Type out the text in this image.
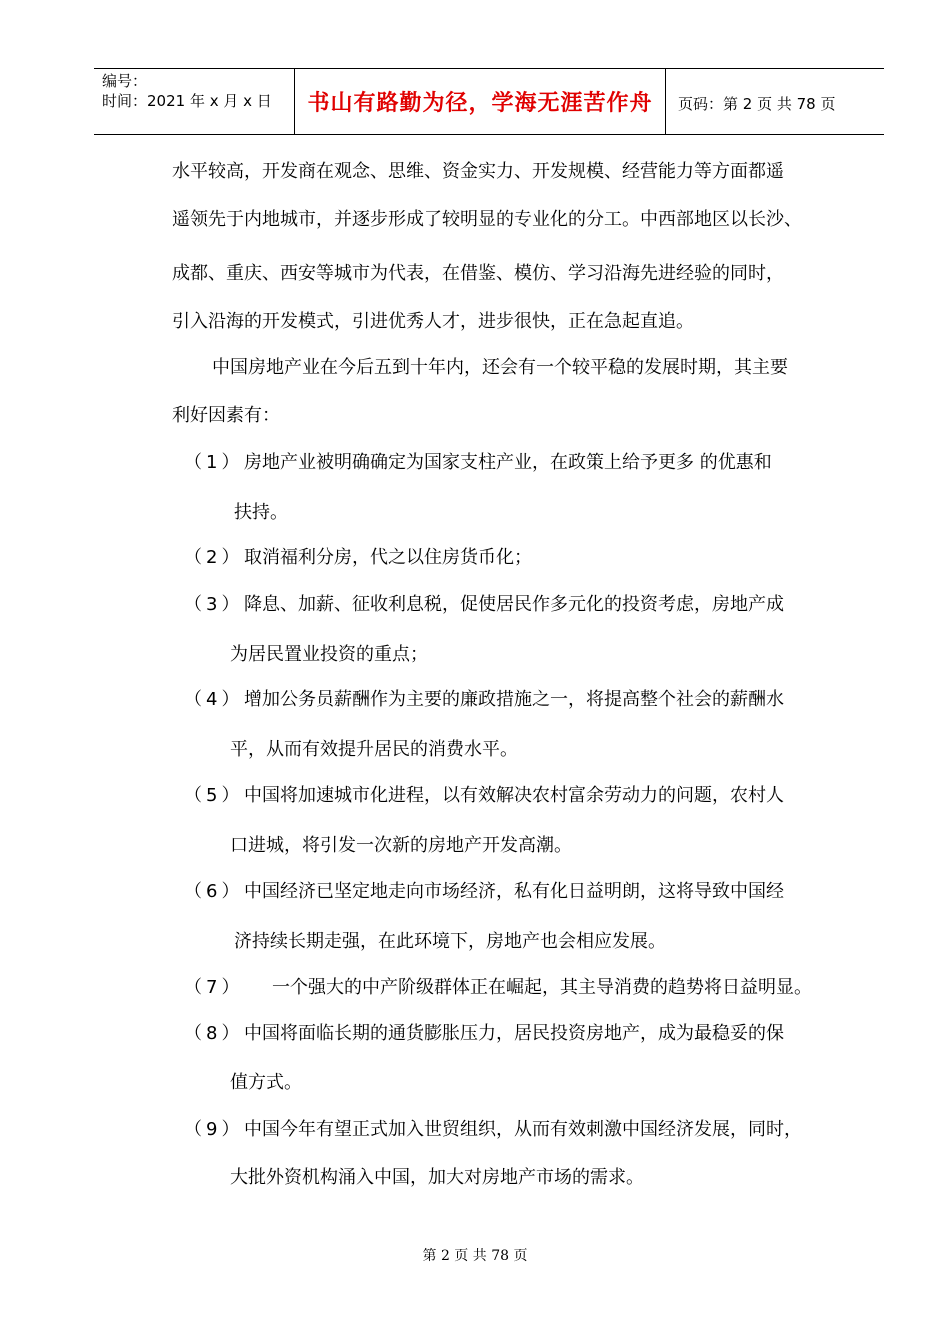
编号：
时间：2021 年 x 月 x 日	书山有路勤为径，学海无涯苦作舟	页码：第 2 页 共 78 页
水平较高，开发商在观念、思维、资金实力、开发规模、经营能力等方面都遥
遥领先于内地城市，并逐步形成了较明显的专业化的分工。中西部地区以长沙、
成都、重庆、西安等城市为代表，在借鉴、模仿、学习沿海先进经验的同时，
引入沿海的开发模式，引进优秀人才，进步很快，正在急起直追。
中国房地产业在今后五到十年内，还会有一个较平稳的发展时期，其主要
利好因素有：
（1） 房地产业被明确确定为国家支柱产业，在政策上给予更多 的优惠和
扶持。
（2） 取消福利分房，代之以住房货币化；
（3） 降息、加薪、征收利息税，促使居民作多元化的投资考虑，房地产成
为居民置业投资的重点；
（4） 增加公务员薪酬作为主要的廉政措施之一，将提高整个社会的薪酬水
平，从而有效提升居民的消费水平。
（5） 中国将加速城市化进程，以有效解决农村富余劳动力的问题，农村人
口进城，将引发一次新的房地产开发高潮。
（6） 中国经济已坚定地走向市场经济，私有化日益明朗，这将导致中国经
济持续长期走强，在此环境下，房地产也会相应发展。
（7） 一个强大的中产阶级群体正在崛起，其主导消费的趋势将日益明显。
（8） 中国将面临长期的通货膨胀压力，居民投资房地产，成为最稳妥的保
值方式。
（9） 中国今年有望正式加入世贸组织，从而有效刺激中国经济发展，同时，
大批外资机构涌入中国，加大对房地产市场的需求。
第 2 页 共 78 页
